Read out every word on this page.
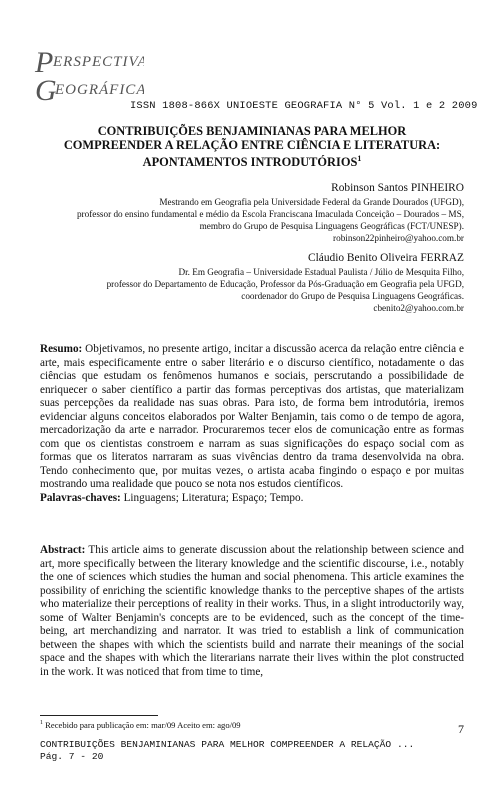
P ERSPECTIVA
G
EOGRÁFICA
ISSN 1808-866X UNIOESTE GEOGRAFIA N° 5 Vol. 1 e 2 2009
CONTRIBUIÇÕES BENJAMINIANAS PARA MELHOR
COMPREENDER A RELAÇÃO ENTRE CIÊNCIA E LITERATURA:
APONTAMENTOS INTRODUTÓRIOS$^1$
Robinson Santos PINHEIRO
Mestrando em Geografia pela Universidade Federal da Grande Dourados (UFGD),
professor do ensino fundamental e médio da Escola Franciscana Imaculada Conceição – Dourados – MS,
membro do Grupo de Pesquisa Linguagens Geográficas (FCT/UNESP).
robinson22pinheiro@yahoo.com.br
Cláudio Benito Oliveira FERRAZ
Dr. Em Geografia – Universidade Estadual Paulista / Júlio de Mesquita Filho,
professor do Departamento de Educação, Professor da Pós-Graduação em Geografia pela UFGD,
coordenador do Grupo de Pesquisa Linguagens Geográficas.
cbenito2@yahoo.com.br
Resumo: Objetivamos, no presente artigo, incitar a discussão acerca da relação entre ciência e arte, mais especificamente entre o saber literário e o discurso científico, notadamente o das ciências que estudam os fenômenos humanos e sociais, perscrutando a possibilidade de enriquecer o saber científico a partir das formas perceptivas dos artistas, que materializam suas percepções da realidade nas suas obras. Para isto, de forma bem introdutória, iremos evidenciar alguns conceitos elaborados por Walter Benjamin, tais como o de tempo de agora, mercadorização da arte e narrador. Procuraremos tecer elos de comunicação entre as formas com que os cientistas constroem e narram as suas significações do espaço social com as formas que os literatos narraram as suas vivências dentro da trama desenvolvida na obra. Tendo conhecimento que, por muitas vezes, o artista acaba fingindo o espaço e por muitas mostrando uma realidade que pouco se nota nos estudos científicos.
Palavras-chaves: Linguagens; Literatura; Espaço; Tempo.
Abstract: This article aims to generate discussion about the relationship between science and art, more specifically between the literary knowledge and the scientific discourse, i.e., notably the one of sciences which studies the human and social phenomena. This article examines the possibility of enriching the scientific knowledge thanks to the perceptive shapes of the artists who materialize their perceptions of reality in their works. Thus, in a slight introductorily way, some of Walter Benjamin's concepts are to be evidenced, such as the concept of the time-being, art merchandizing and narrator. It was tried to establish a link of communication between the shapes with which the scientists build and narrate their meanings of the social space and the shapes with which the literarians narrate their lives within the plot constructed in the work. It was noticed that from time to time,
$^1$ Recebido para publicação em: mar/09 Aceito em: ago/09	7
CONTRIBUIÇÕES BENJAMINIANAS PARA MELHOR COMPREENDER A RELAÇÃO ...
Pág. 7 - 20
